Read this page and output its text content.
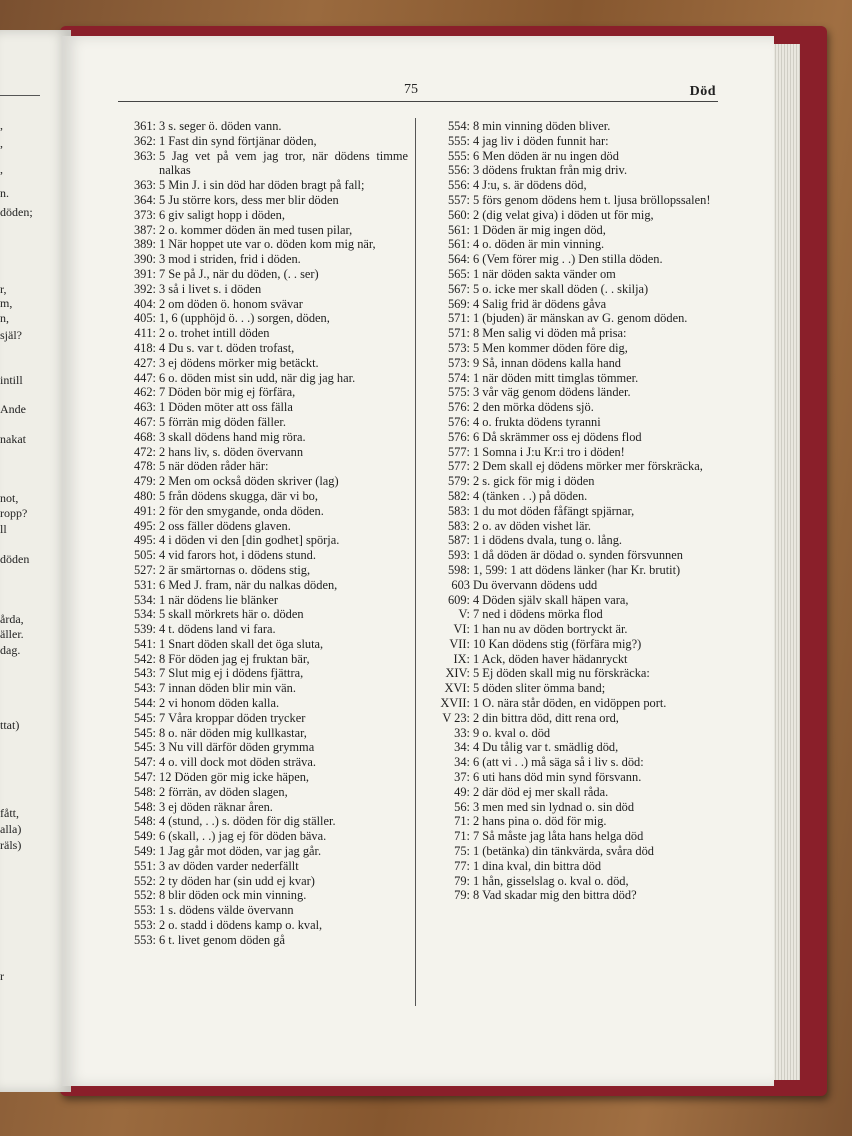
,
,
,
n.
döden;
r,
m,
n,
själ?
intill
Ande
nakat
not,
ropp?
ll
döden
årda,
äller.
dag.
ttat)
fått,
alla)
räls)
r
75	Död
361: 3 s. seger ö. döden vann.
362: 1 Fast din synd förtjänar döden,
363: 5 Jag vet på vem jag tror, när dödens timme nalkas
363: 5 Min J. i sin död har döden bragt på fall;
364: 5 Ju större kors, dess mer blir döden
373: 6 giv saligt hopp i döden,
387: 2 o. kommer döden än med tusen pilar,
389: 1 När hoppet ute var o. döden kom mig när,
390: 3 mod i striden, frid i döden.
391: 7 Se på J., när du döden, (. . ser)
392: 3 så i livet s. i döden
404: 2 om döden ö. honom svävar
405: 1, 6 (upphöjd ö. . .) sorgen, döden,
411: 2 o. trohet intill döden
418: 4 Du s. var t. döden trofast,
427: 3 ej dödens mörker mig betäckt.
447: 6 o. döden mist sin udd, när dig jag har.
462: 7 Döden bör mig ej förfära,
463: 1 Döden möter att oss fälla
467: 5 förrän mig döden fäller.
468: 3 skall dödens hand mig röra.
472: 2 hans liv, s. döden övervann
478: 5 när döden råder här:
479: 2 Men om också döden skriver (lag)
480: 5 från dödens skugga, där vi bo,
491: 2 för den smygande, onda döden.
495: 2 oss fäller dödens glaven.
495: 4 i döden vi den [din godhet] spörja.
505: 4 vid farors hot, i dödens stund.
527: 2 är smärtornas o. dödens stig,
531: 6 Med J. fram, när du nalkas döden,
534: 1 när dödens lie blänker
534: 5 skall mörkrets här o. döden
539: 4 t. dödens land vi fara.
541: 1 Snart döden skall det öga sluta,
542: 8 För döden jag ej fruktan bär,
543: 7 Slut mig ej i dödens fjättra,
543: 7 innan döden blir min vän.
544: 2 vi honom döden kalla.
545: 7 Våra kroppar döden trycker
545: 8 o. när döden mig kullkastar,
545: 3 Nu vill därför döden grymma
547: 4 o. vill dock mot döden sträva.
547: 12 Döden gör mig icke häpen,
548: 2 förrän, av döden slagen,
548: 3 ej döden räknar åren.
548: 4 (stund, . .) s. döden för dig ställer.
549: 6 (skall, . .) jag ej för döden bäva.
549: 1 Jag går mot döden, var jag går.
551: 3 av döden varder nederfällt
552: 2 ty döden har (sin udd ej kvar)
552: 8 blir döden ock min vinning.
553: 1 s. dödens välde övervann
553: 2 o. stadd i dödens kamp o. kval,
553: 6 t. livet genom döden gå
554: 8 min vinning döden bliver.
555: 4 jag liv i döden funnit har:
555: 6 Men döden är nu ingen död
556: 3 dödens fruktan från mig driv.
556: 4 J:u, s. är dödens död,
557: 5 förs genom dödens hem t. ljusa bröllopssalen!
560: 2 (dig velat giva) i döden ut för mig,
561: 1 Döden är mig ingen död,
561: 4 o. döden är min vinning.
564: 6 (Vem förer mig . .) Den stilla döden.
565: 1 när döden sakta vänder om
567: 5 o. icke mer skall döden (. . skilja)
569: 4 Salig frid är dödens gåva
571: 1 (bjuden) är mänskan av G. genom döden.
571: 8 Men salig vi döden må prisa:
573: 5 Men kommer döden före dig,
573: 9 Så, innan dödens kalla hand
574: 1 när döden mitt timglas tömmer.
575: 3 vår väg genom dödens länder.
576: 2 den mörka dödens sjö.
576: 4 o. frukta dödens tyranni
576: 6 Då skrämmer oss ej dödens flod
577: 1 Somna i J:u Kr:i tro i döden!
577: 2 Dem skall ej dödens mörker mer förskräcka,
579: 2 s. gick för mig i döden
582: 4 (tänken . .) på döden.
583: 1 du mot döden fåfängt spjärnar,
583: 2 o. av döden vishet lär.
587: 1 i dödens dvala, tung o. lång.
593: 1 då döden är dödad o. synden försvunnen
598: 1, 599: 1 att dödens länker (har Kr. brutit)
603 Du övervann dödens udd
609: 4 Döden själv skall häpen vara,
V: 7 ned i dödens mörka flod
VI: 1 han nu av döden bortryckt är.
VII: 10 Kan dödens stig (förfära mig?)
IX: 1 Ack, döden haver hädanryckt
XIV: 5 Ej döden skall mig nu förskräcka:
XVI: 5 döden sliter ömma band;
XVII: 1 O. nära står döden, en vidöppen port.
V 23: 2 din bittra död, ditt rena ord,
33: 9 o. kval o. död
34: 4 Du tålig var t. smädlig död,
34: 6 (att vi . .) må säga så i liv s. död:
37: 6 uti hans död min synd försvann.
49: 2 där död ej mer skall råda.
56: 3 men med sin lydnad o. sin död
71: 2 hans pina o. död för mig.
71: 7 Så måste jag låta hans helga död
75: 1 (betänka) din tänkvärda, svåra död
77: 1 dina kval, din bittra död
79: 1 hån, gisselslag o. kval o. död,
79: 8 Vad skadar mig den bittra död?
